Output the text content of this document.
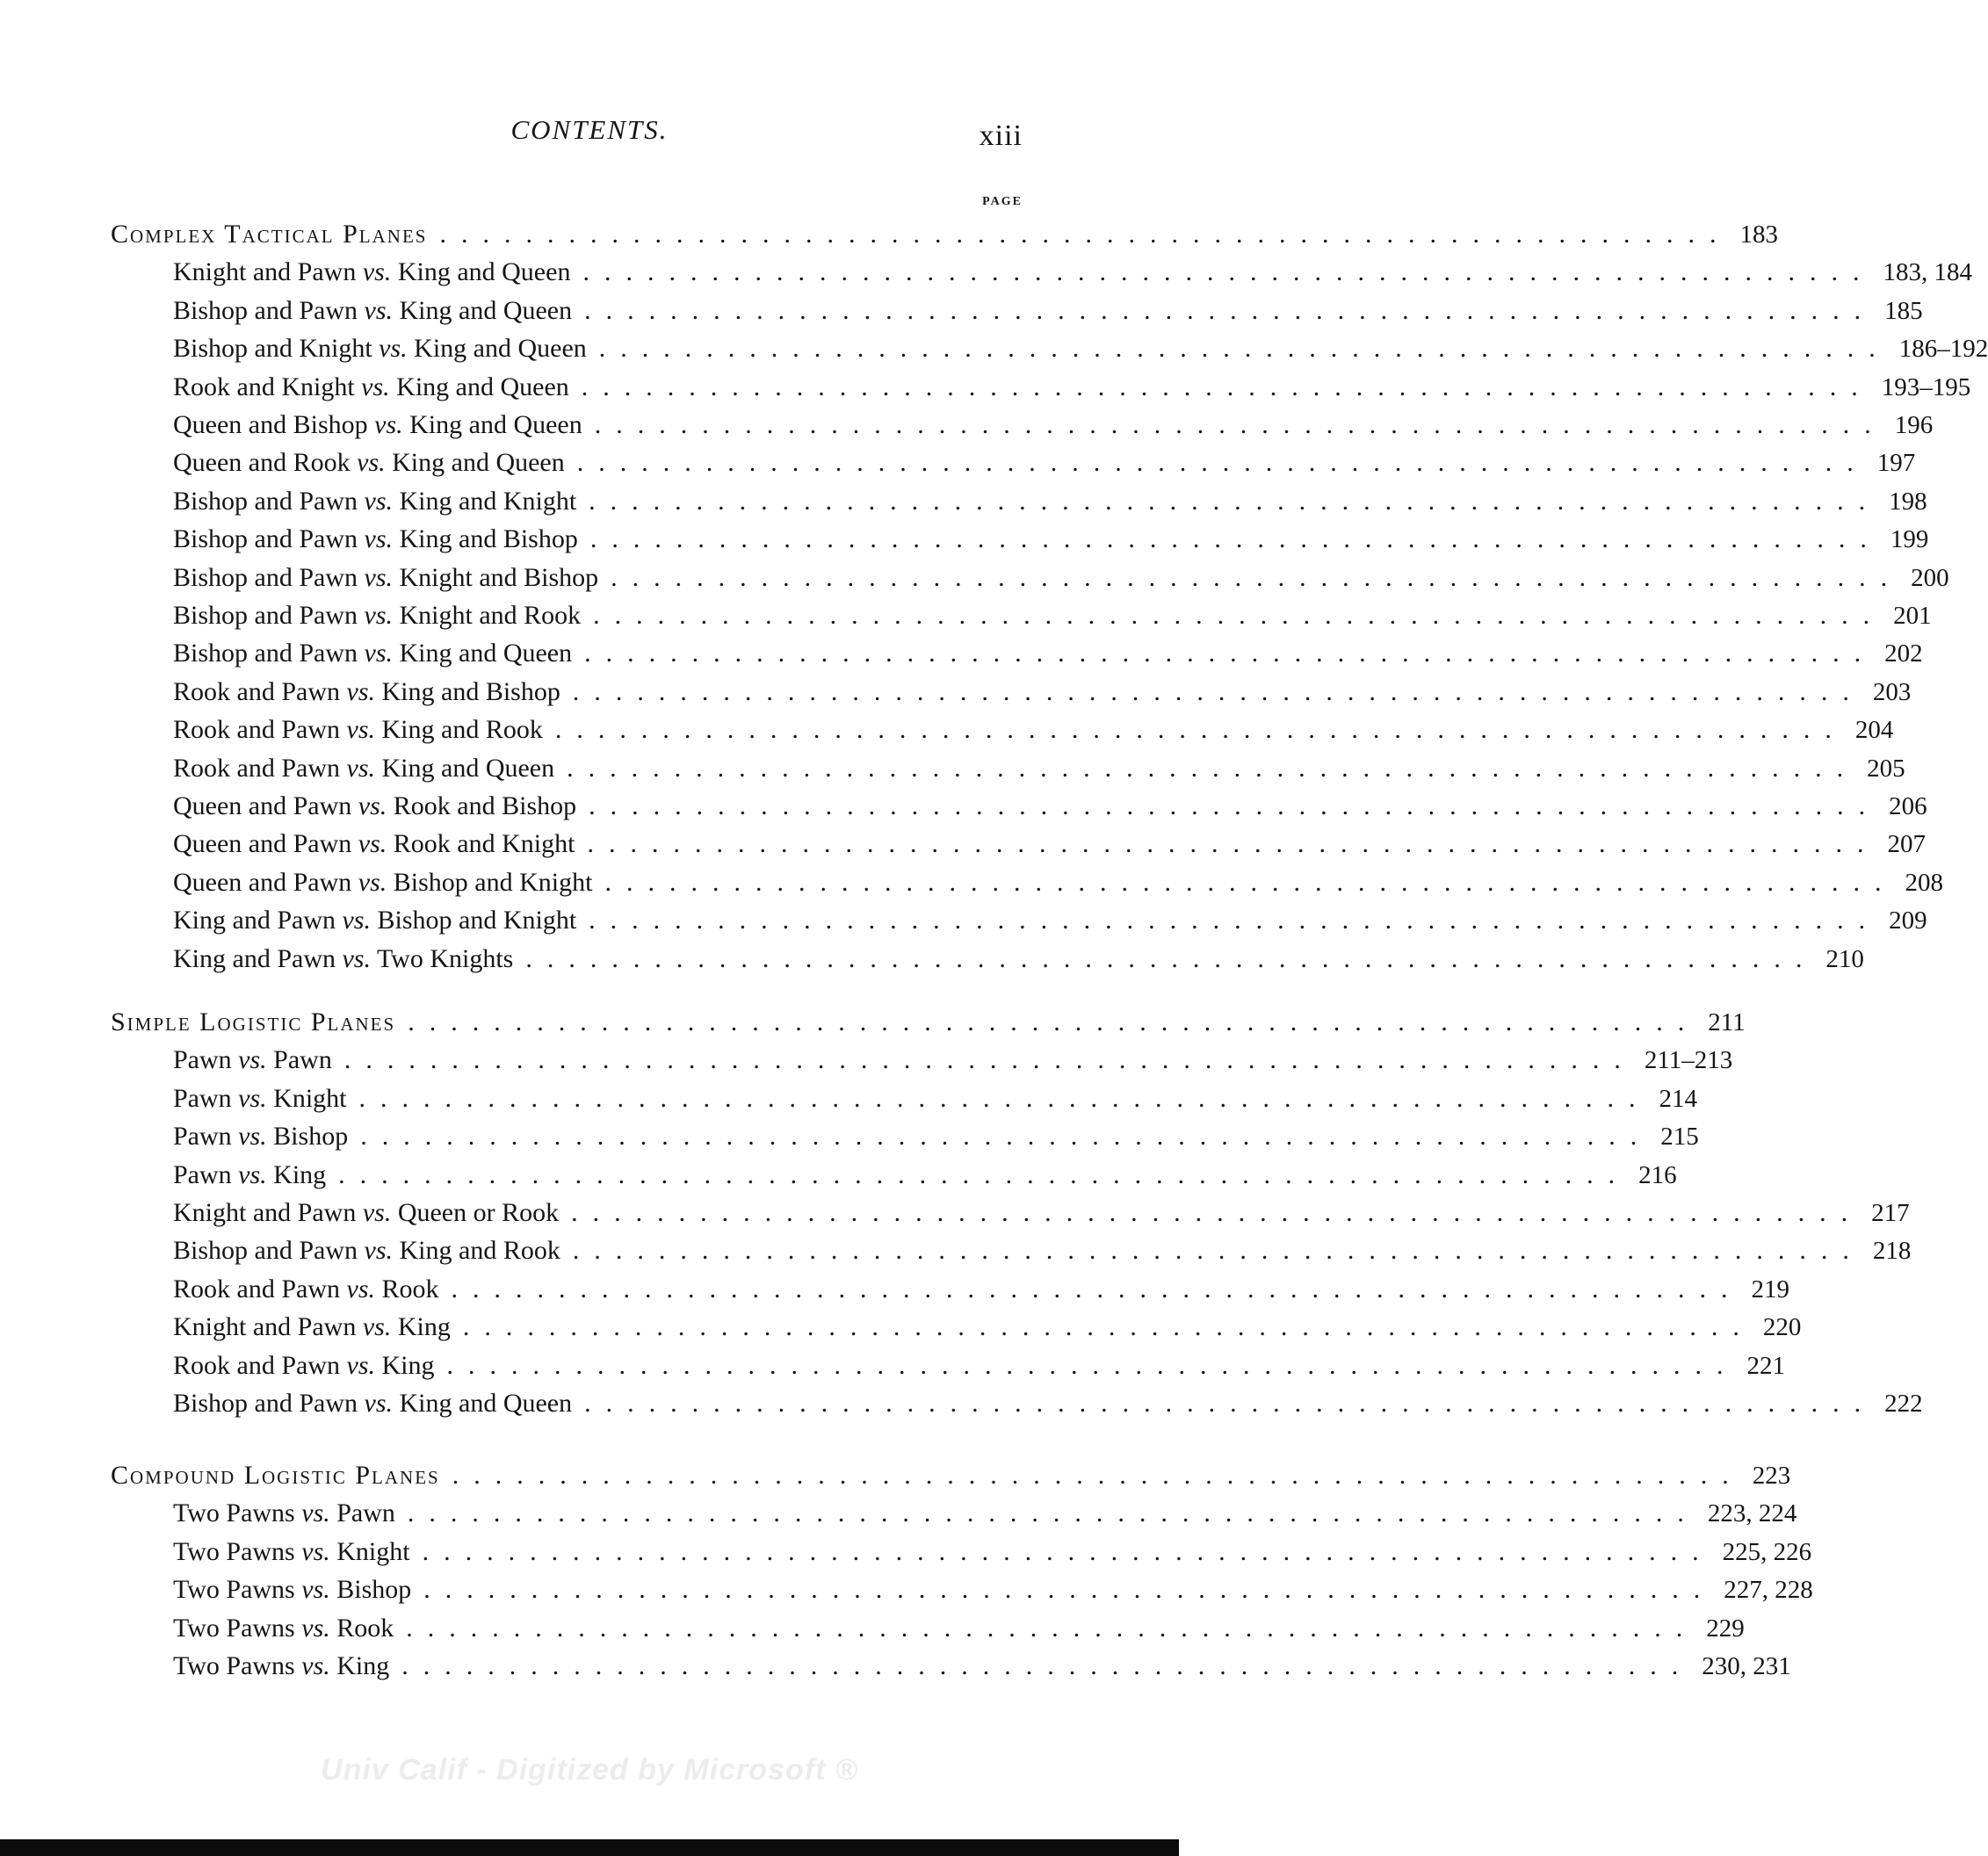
CONTENTS.	xiii
PAGE
Complex Tactical Planes ............................................................ 183
Knight and Pawn vs. King and Queen ............................................................ 183, 184
Bishop and Pawn vs. King and Queen ............................................................ 185
Bishop and Knight vs. King and Queen ............................................................ 186–192
Rook and Knight vs. King and Queen ............................................................ 193–195
Queen and Bishop vs. King and Queen ............................................................ 196
Queen and Rook vs. King and Queen ............................................................ 197
Bishop and Pawn vs. King and Knight ............................................................ 198
Bishop and Pawn vs. King and Bishop ............................................................ 199
Bishop and Pawn vs. Knight and Bishop ............................................................ 200
Bishop and Pawn vs. Knight and Rook ............................................................ 201
Bishop and Pawn vs. King and Queen ............................................................ 202
Rook and Pawn vs. King and Bishop ............................................................ 203
Rook and Pawn vs. King and Rook ............................................................ 204
Rook and Pawn vs. King and Queen ............................................................ 205
Queen and Pawn vs. Rook and Bishop ............................................................ 206
Queen and Pawn vs. Rook and Knight ............................................................ 207
Queen and Pawn vs. Bishop and Knight ............................................................ 208
King and Pawn vs. Bishop and Knight ............................................................ 209
King and Pawn vs. Two Knights ............................................................ 210
Simple Logistic Planes ............................................................ 211
Pawn vs. Pawn ............................................................ 211–213
Pawn vs. Knight ............................................................ 214
Pawn vs. Bishop ............................................................ 215
Pawn vs. King ............................................................ 216
Knight and Pawn vs. Queen or Rook ............................................................ 217
Bishop and Pawn vs. King and Rook ............................................................ 218
Rook and Pawn vs. Rook ............................................................ 219
Knight and Pawn vs. King ............................................................ 220
Rook and Pawn vs. King ............................................................ 221
Bishop and Pawn vs. King and Queen ............................................................ 222
Compound Logistic Planes ............................................................ 223
Two Pawns vs. Pawn ............................................................ 223, 224
Two Pawns vs. Knight ............................................................ 225, 226
Two Pawns vs. Bishop ............................................................ 227, 228
Two Pawns vs. Rook ............................................................ 229
Two Pawns vs. King ............................................................ 230, 231
Univ Calif - Digitized by Microsoft ®
